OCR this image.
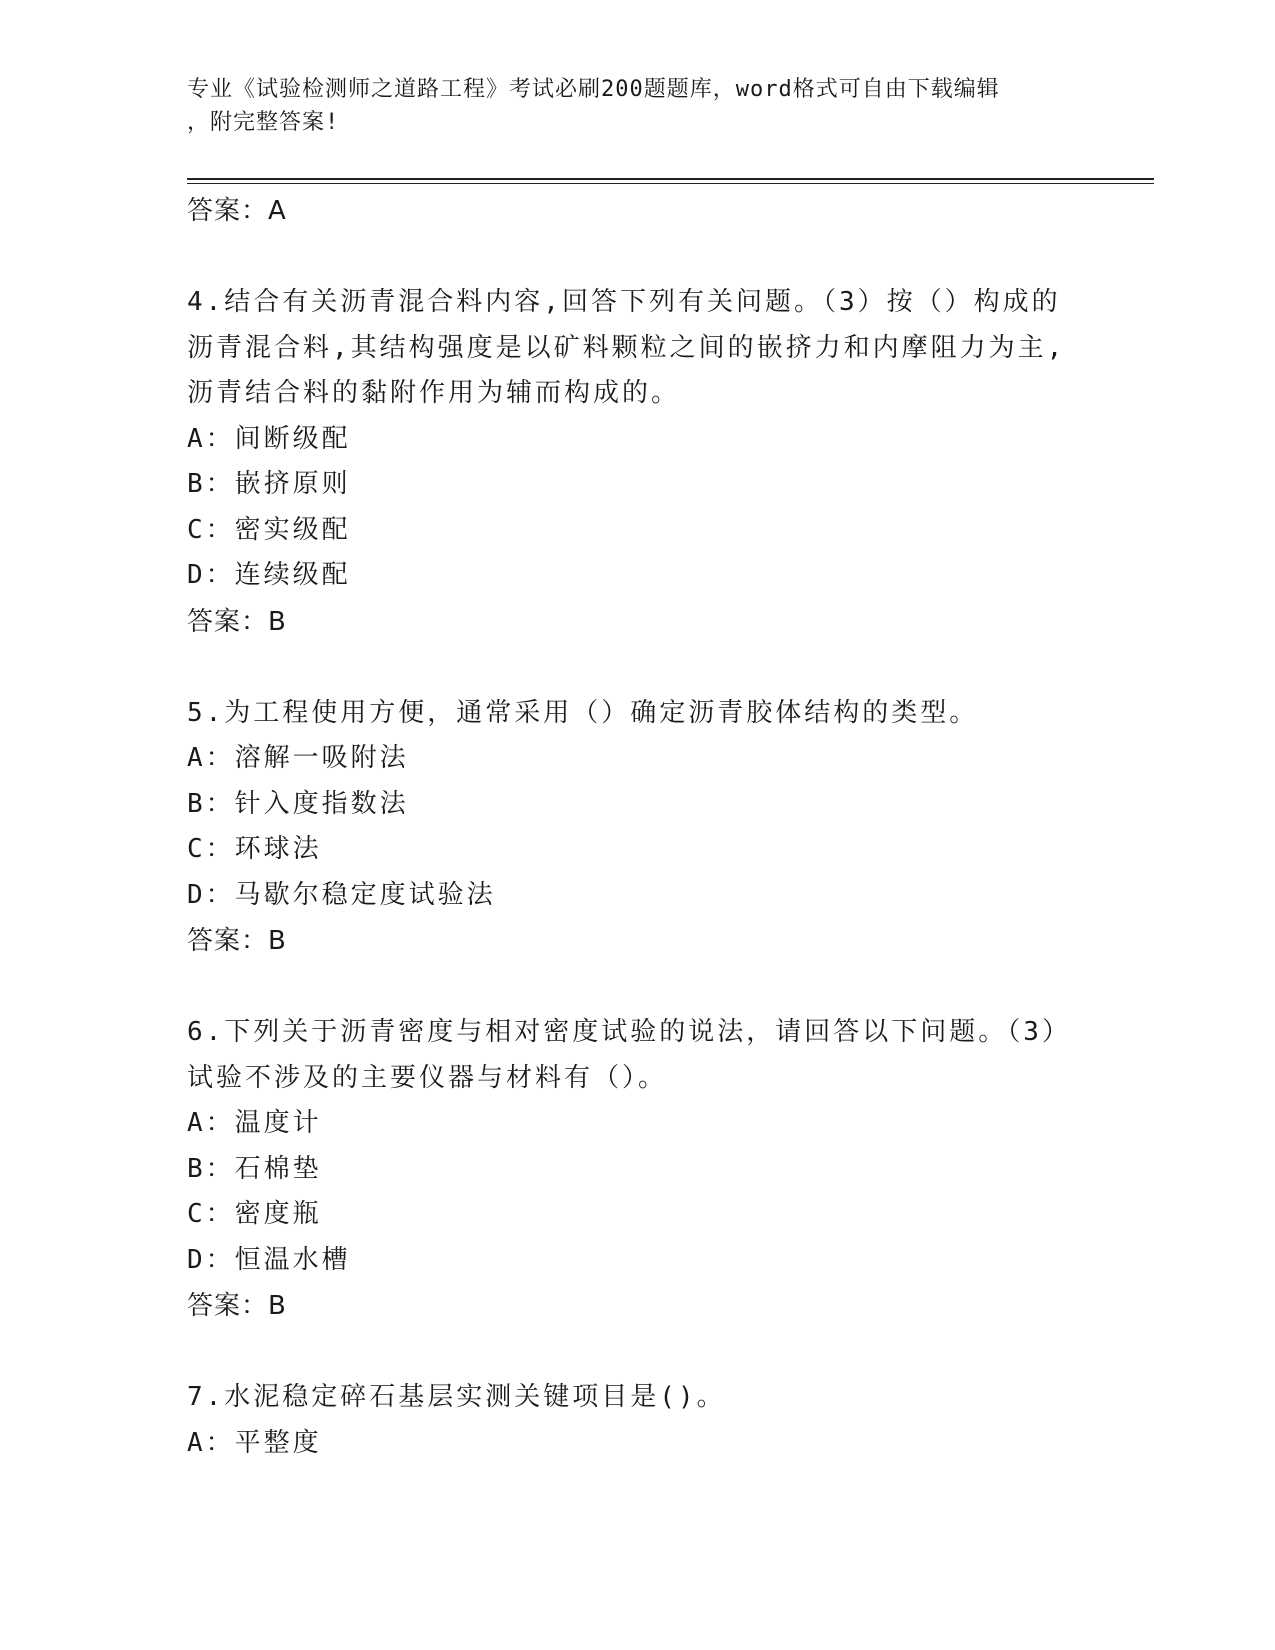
专业《试验检测师之道路工程》考试必刷200题题库，word格式可自由下载编辑
，附完整答案!
答案：A
4.结合有关沥青混合料内容,回答下列有关问题。（3）按（）构成的
沥青混合料,其结构强度是以矿料颗粒之间的嵌挤力和内摩阻力为主,
沥青结合料的黏附作用为辅而构成的。
A：间断级配
B：嵌挤原则
C：密实级配
D：连续级配
答案：B
5.为工程使用方便，通常采用（）确定沥青胶体结构的类型。
A：溶解一吸附法
B：针入度指数法
C：环球法
D：马歇尔稳定度试验法
答案：B
6.下列关于沥青密度与相对密度试验的说法，请回答以下问题。（3）
试验不涉及的主要仪器与材料有（）。
A：温度计
B：石棉垫
C：密度瓶
D：恒温水槽
答案：B
7.水泥稳定碎石基层实测关键项目是()。
A：平整度
